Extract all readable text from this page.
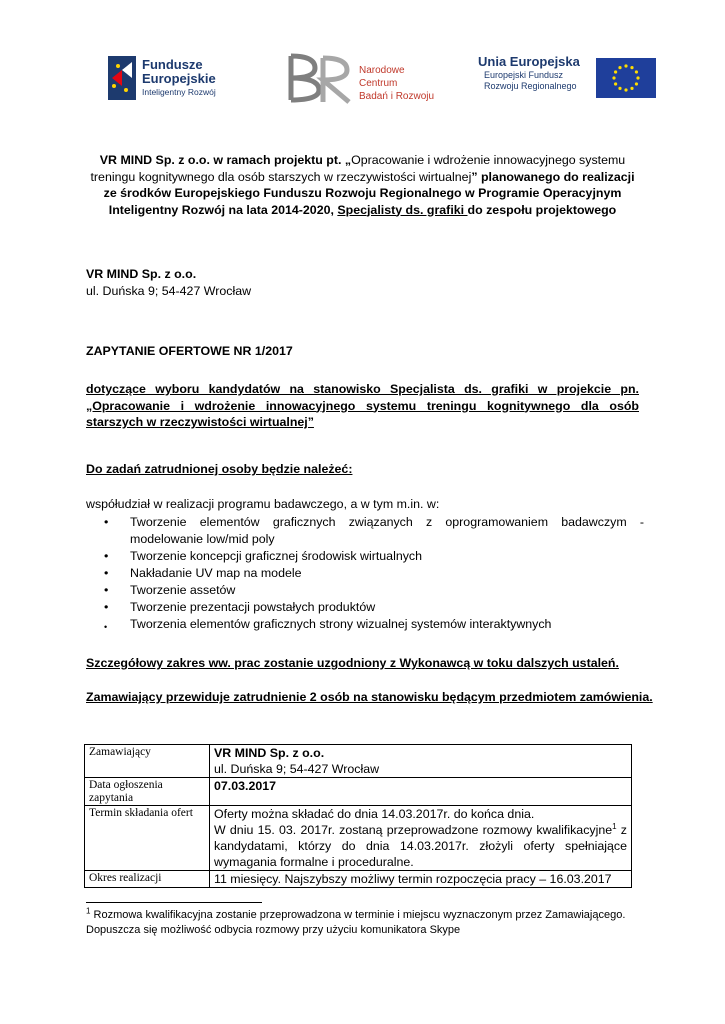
Fundusze
Europejskie
Inteligentny Rozwój
Narodowe Centrum
Badań i Rozwoju
Unia Europejska
Europejski Fundusz
Rozwoju Regionalnego
VR MIND Sp. z o.o. w ramach projektu pt. „Opracowanie i wdrożenie innowacyjnego systemu treningu kognitywnego dla osób starszych w rzeczywistości wirtualnej” planowanego do realizacji ze środków Europejskiego Funduszu Rozwoju Regionalnego w Programie Operacyjnym Inteligentny Rozwój na lata 2014-2020, Specjalisty ds. grafiki do zespołu projektowego
VR MIND Sp. z o.o.
ul. Duńska 9; 54-427 Wrocław
ZAPYTANIE OFERTOWE NR 1/2017
dotyczące wyboru kandydatów na stanowisko Specjalista ds. grafiki w projekcie pn. „Opracowanie i wdrożenie innowacyjnego systemu treningu kognitywnego dla osób starszych w rzeczywistości wirtualnej”
Do zadań zatrudnionej osoby będzie należeć:
współudział w realizacji programu badawczego, a w tym m.in. w:
• Tworzenie elementów graficznych związanych z oprogramowaniem badawczym - modelowanie low/mid poly
• Tworzenie koncepcji graficznej środowisk wirtualnych
• Nakładanie UV map na modele
• Tworzenie assetów
• Tworzenie prezentacji powstałych produktów
• Tworzenia elementów graficznych strony wizualnej systemów interaktywnych
Szczegółowy zakres ww. prac zostanie uzgodniony z Wykonawcą w toku dalszych ustaleń.
Zamawiający przewiduje zatrudnienie 2 osób na stanowisku będącym przedmiotem zamówienia.
Zamawiający	VR MIND Sp. z o.o.
ul. Duńska 9; 54-427 Wrocław

Data ogłoszenia zapytania	07.03.2017
Termin składania ofert	Oferty można składać do dnia 14.03.2017r. do końca dnia.
W dniu 15. 03. 2017r. zostaną przeprowadzone rozmowy kwalifikacyjne$^1$ z kandydatami, którzy do dnia 14.03.2017r. złożyli oferty spełniające wymagania formalne i proceduralne.

Okres realizacji	11 miesięcy. Najszybszy możliwy termin rozpoczęcia pracy – 16.03.2017
$^1$ Rozmowa kwalifikacyjna zostanie przeprowadzona w terminie i miejscu wyznaczonym przez Zamawiającego. Dopuszcza się możliwość odbycia rozmowy przy użyciu komunikatora Skype
